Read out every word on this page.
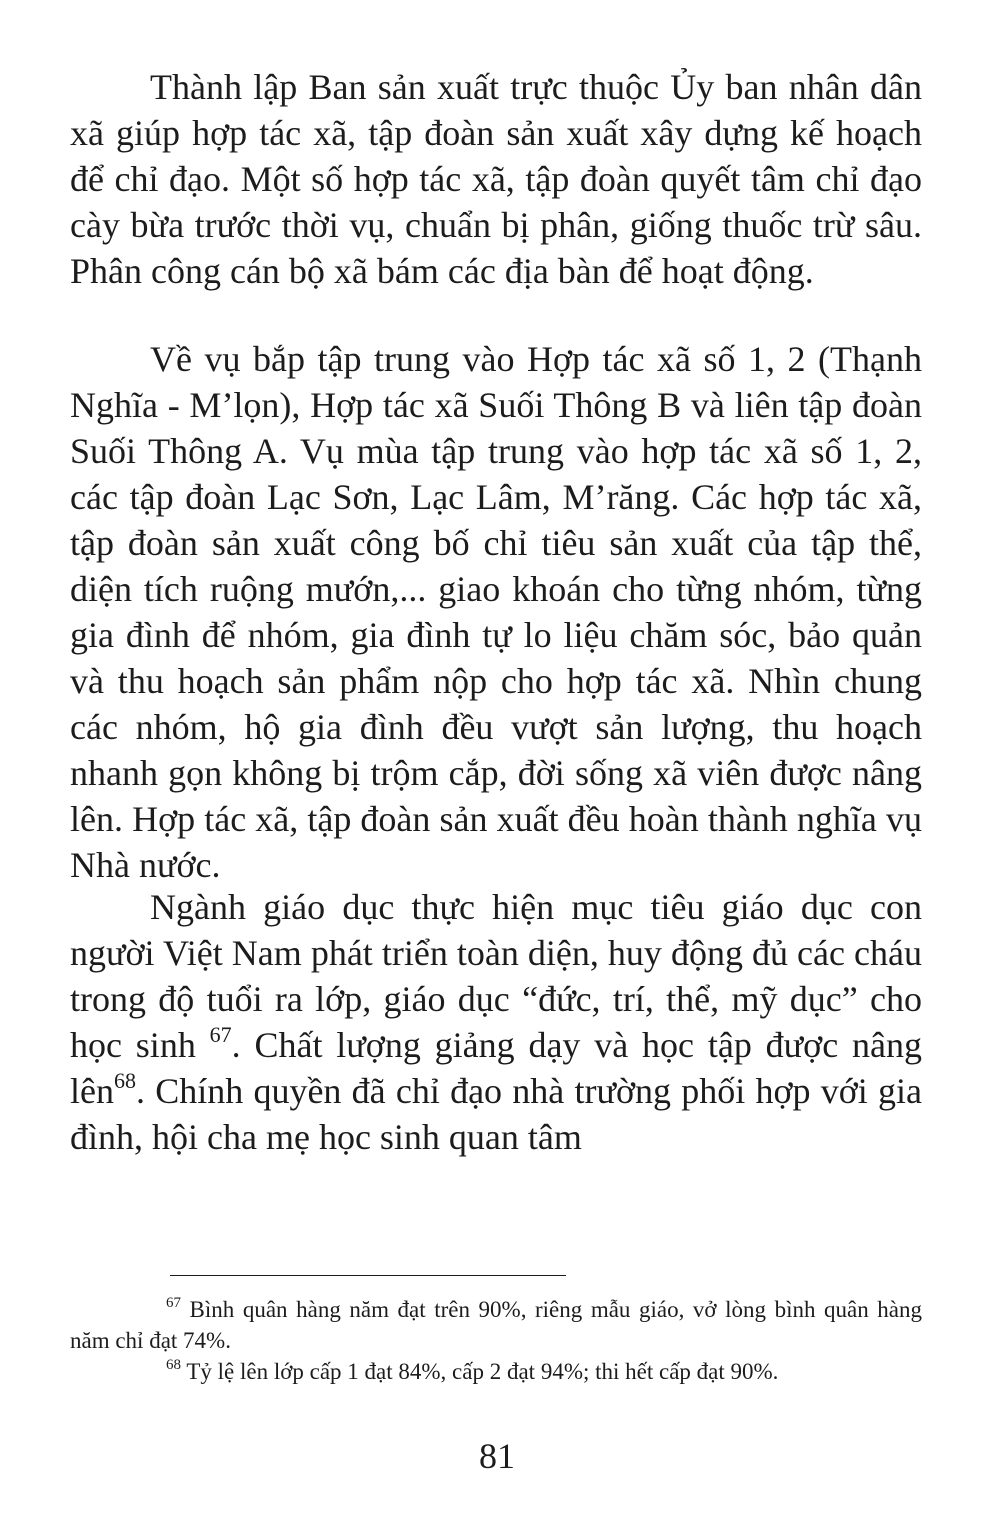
Thành lập Ban sản xuất trực thuộc Ủy ban nhân dân xã giúp hợp tác xã, tập đoàn sản xuất xây dựng kế hoạch để chỉ đạo. Một số hợp tác xã, tập đoàn quyết tâm chỉ đạo cày bừa trước thời vụ, chuẩn bị phân, giống thuốc trừ sâu. Phân công cán bộ xã bám các địa bàn để hoạt động.

Về vụ bắp tập trung vào Hợp tác xã số 1, 2 (Thạnh Nghĩa - M’lọn), Hợp tác xã Suối Thông B và liên tập đoàn Suối Thông A. Vụ mùa tập trung vào hợp tác xã số 1, 2, các tập đoàn Lạc Sơn, Lạc Lâm, M’răng. Các hợp tác xã, tập đoàn sản xuất công bố chỉ tiêu sản xuất của tập thể, diện tích ruộng mướn,... giao khoán cho từng nhóm, từng gia đình để nhóm, gia đình tự lo liệu chăm sóc, bảo quản và thu hoạch sản phẩm nộp cho hợp tác xã. Nhìn chung các nhóm, hộ gia đình đều vượt sản lượng, thu hoạch nhanh gọn không bị trộm cắp, đời sống xã viên được nâng lên. Hợp tác xã, tập đoàn sản xuất đều hoàn thành nghĩa vụ Nhà nước.

Ngành giáo dục thực hiện mục tiêu giáo dục con người Việt Nam phát triển toàn diện, huy động đủ các cháu trong độ tuổi ra lớp, giáo dục “đức, trí, thể, mỹ dục” cho học sinh $^{67}$. Chất lượng giảng dạy và học tập được nâng lên$^{68}$. Chính quyền đã chỉ đạo nhà trường phối hợp với gia đình, hội cha mẹ học sinh quan tâm

$^{67}$ Bình quân hàng năm đạt trên 90%, riêng mẫu giáo, vở lòng bình quân hàng năm chỉ đạt 74%.

$^{68}$ Tỷ lệ lên lớp cấp 1 đạt 84%, cấp 2 đạt 94%; thi hết cấp đạt 90%.

81
